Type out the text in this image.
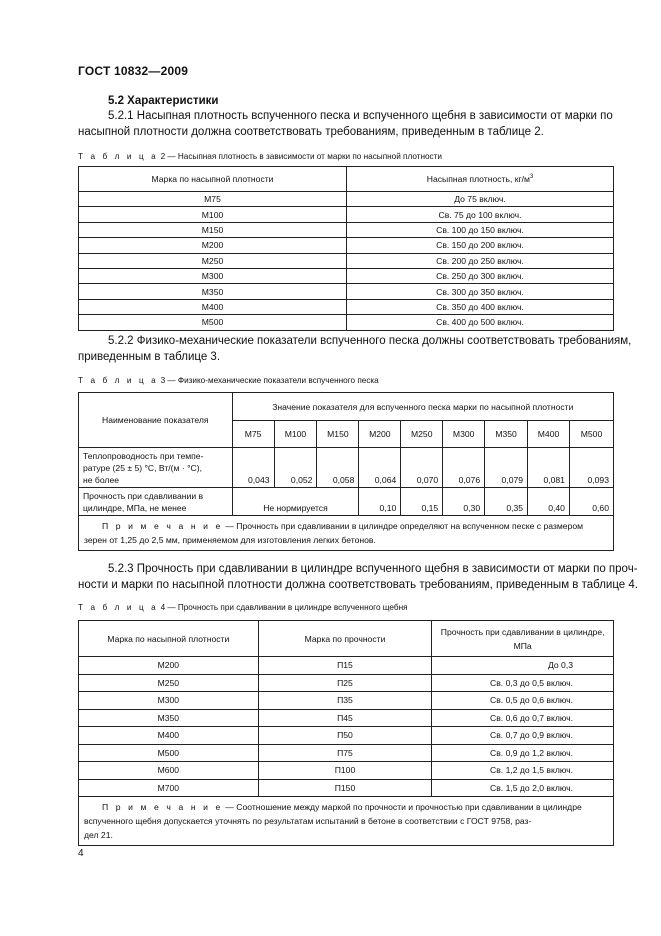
ГОСТ 10832—2009
5.2 Характеристики
5.2.1 Насыпная плотность вспученного песка и вспученного щебня в зависимости от марки по
насыпной плотности должна соответствовать требованиям, приведенным в таблице 2.
Т а б л и ц а 2 — Насыпная плотность в зависимости от марки по насыпной плотности
Марка по насыпной плотности	Насыпная плотность, $кг/м^3$
М75	До 75 включ.
М100	Св. 75 до 100 включ.
М150	Св. 100 до 150 включ.
М200	Св. 150 до 200 включ.
М250	Св. 200 до 250 включ.
М300	Св. 250 до 300 включ.
М350	Св. 300 до 350 включ.
М400	Св. 350 до 400 включ.
М500	Св. 400 до 500 включ.
5.2.2 Физико-механические показатели вспученного песка должны соответствовать требованиям,
приведенным в таблице 3.
Т а б л и ц а 3 — Физико-механические показатели вспученного песка
Наименование показателя	Значение показателя для вспученного песка марки по насыпной плотности								
	М75	М100	М150	М200	М250	М300	М350	М400	М500

Теплопроводность при темпе-
ратуре (25 ± 5) °С, Вт/(м · °С),
не более	0,043	0,052	0,058	0,064	0,070	0,076	0,079	0,081	0,093

Прочность при сдавливании в
цилиндре, МПа, не менее	Не нормируется			0,10	0,15	0,30	0,35	0,40	0,60

П р и м е ч а н и е — Прочность при сдавливании в цилиндре определяют на вспученном песке с размером
зерен от 1,25 до 2,5 мм, применяемом для изготовления легких бетонов.									
5.2.3 Прочность при сдавливании в цилиндре вспученного щебня в зависимости от марки по проч-
ности и марки по насыпной плотности должна соответствовать требованиям, приведенным в таблице 4.
Т а б л и ц а 4 — Прочность при сдавливании в цилиндре вспученного щебня
Марка по насыпной плотности	Марка по прочности	Прочность при сдавливании в цилиндре,
МПа

М200	П15	До 0,3
М250	П25	Св. 0,3 до 0,5 включ.
М300	П35	Св. 0,5 до 0,6 включ.
М350	П45	Св. 0,6 до 0,7 включ.
М400	П50	Св. 0,7 до 0,9 включ.
М500	П75	Св. 0,9 до 1,2 включ.
М600	П100	Св. 1,2 до 1,5 включ.
М700	П150	Св. 1,5 до 2,0 включ.

П р и м е ч а н и е — Соотношение между маркой по прочности и прочностью при сдавливании в цилиндре
вспученного щебня допускается уточнять по результатам испытаний в бетоне в соответствии с ГОСТ 9758, раз-
дел 21.		
4
